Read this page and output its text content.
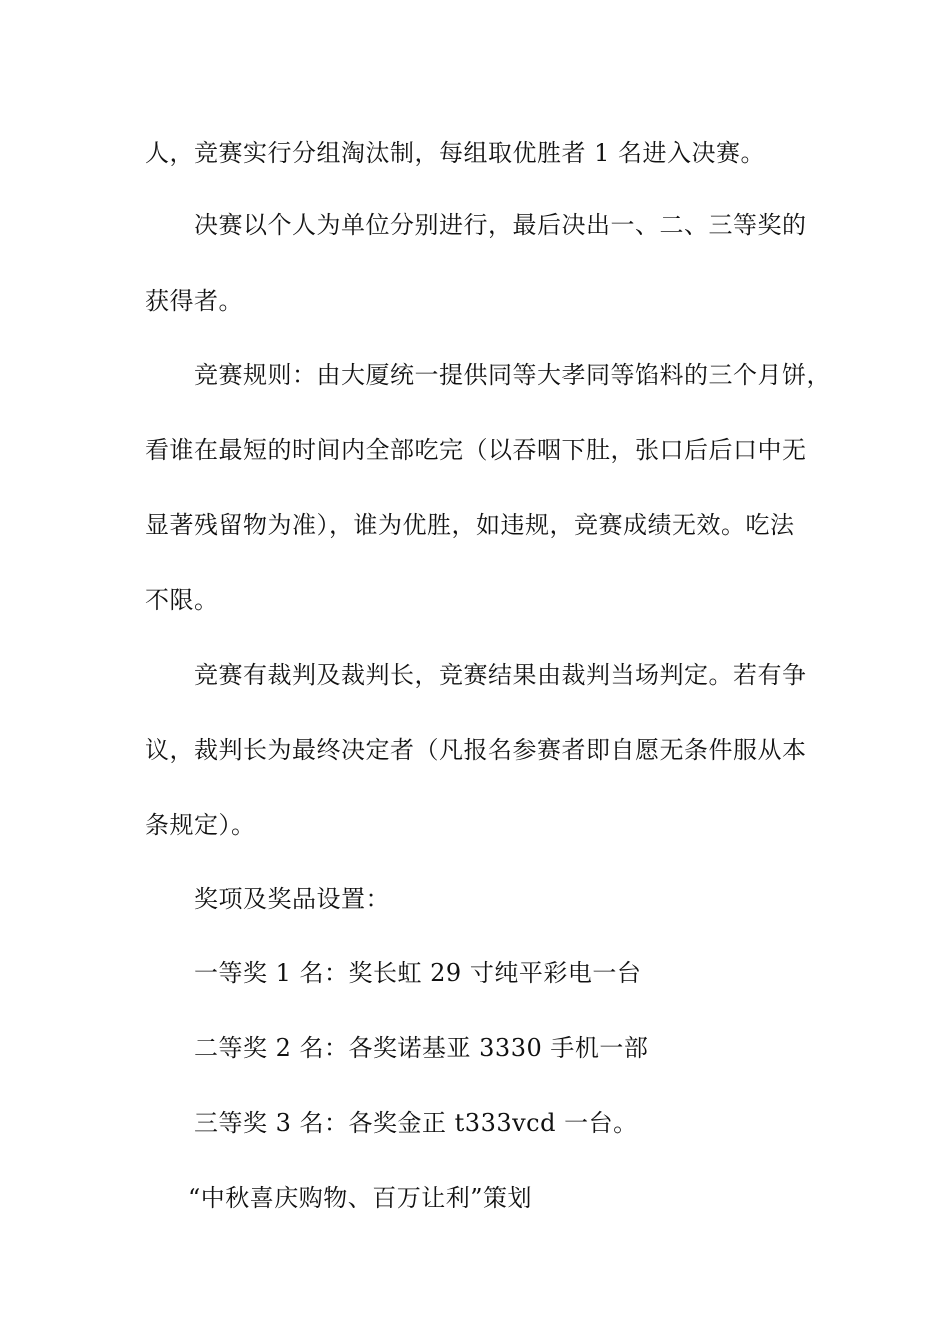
人，竞赛实行分组淘汰制，每组取优胜者 1 名进入决赛。
决赛以个人为单位分别进行，最后决出一、二、三等奖的
获得者。
竞赛规则：由大厦统一提供同等大孝同等馅料的三个月饼，
看谁在最短的时间内全部吃完（以吞咽下肚，张口后后口中无
显著残留物为准），谁为优胜，如违规，竞赛成绩无效。吃法
不限。
竞赛有裁判及裁判长，竞赛结果由裁判当场判定。若有争
议，裁判长为最终决定者（凡报名参赛者即自愿无条件服从本
条规定）。
奖项及奖品设置：
一等奖 1 名：奖长虹 29 寸纯平彩电一台
二等奖 2 名：各奖诺基亚 3330 手机一部
三等奖 3 名：各奖金正 t333vcd 一台。
“中秋喜庆购物、百万让利”策划
